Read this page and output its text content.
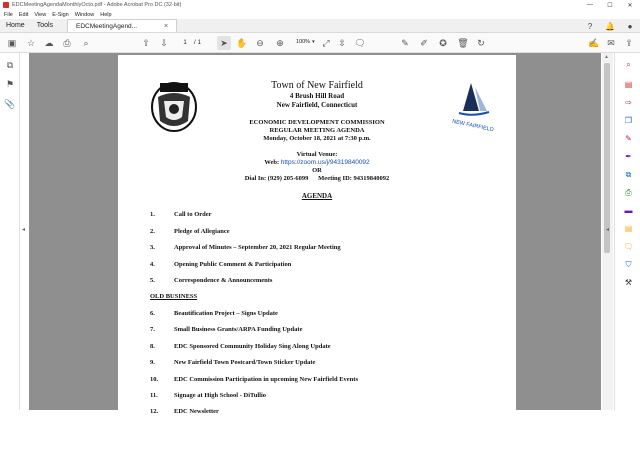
EDCMeetingAgendaMonthlyOcto.pdf - Adobe Acrobat Pro DC (32-bit)	—	☐	✕
File Edit View E-Sign Window Help
Home	Tools	EDCMeetingAgend...	×	?	🔔	●
▣	☆	☁	⎙	⌕	⇧	⇩	1	/ 1	➤ ✋ ⊖	⊕	100% ▾ ⤢ ⇳ 🗨	✎	✐	✪	🗑 ↻	✍ ✉	⇪
⧉
⚑
📎
◂
NEW FAIRFIELD
Town of New Fairfield
4 Brush Hill Road
New Fairfield, Connecticut
ECONOMIC DEVELOPMENT COMMISSION
REGULAR MEETING AGENDA
Monday, October 18, 2021 at 7:30 p.m.
Virtual Venue:
Web: https://zoom.us/j/94319840092
OR
Dial In: (929) 205-6099      Meeting ID: 94319840092
AGENDA
1.	Call to Order
2.	Pledge of Allegiance
3.	Approval of Minutes – September 20, 2021 Regular Meeting
4.	Opening Public Comment & Participation
5.	Correspondence & Announcements
OLD BUSINESS
6.	Beautification Project – Signs Update
7.	Small Business Grants/ARPA Funding Update
8.	EDC Sponsored Community Holiday Sing Along Update
9.	New Fairfield Town Postcard/Town Sticker Update
10.	EDC Commission Participation in upcoming New Fairfield Events
11.	Signage at High School - DiTullio
12.	EDC Newsletter
▲
◂
⌕
▤
⇨
❐
✎
✒
⧉
⎙
▬
▤
🗨
⛉
⚒
